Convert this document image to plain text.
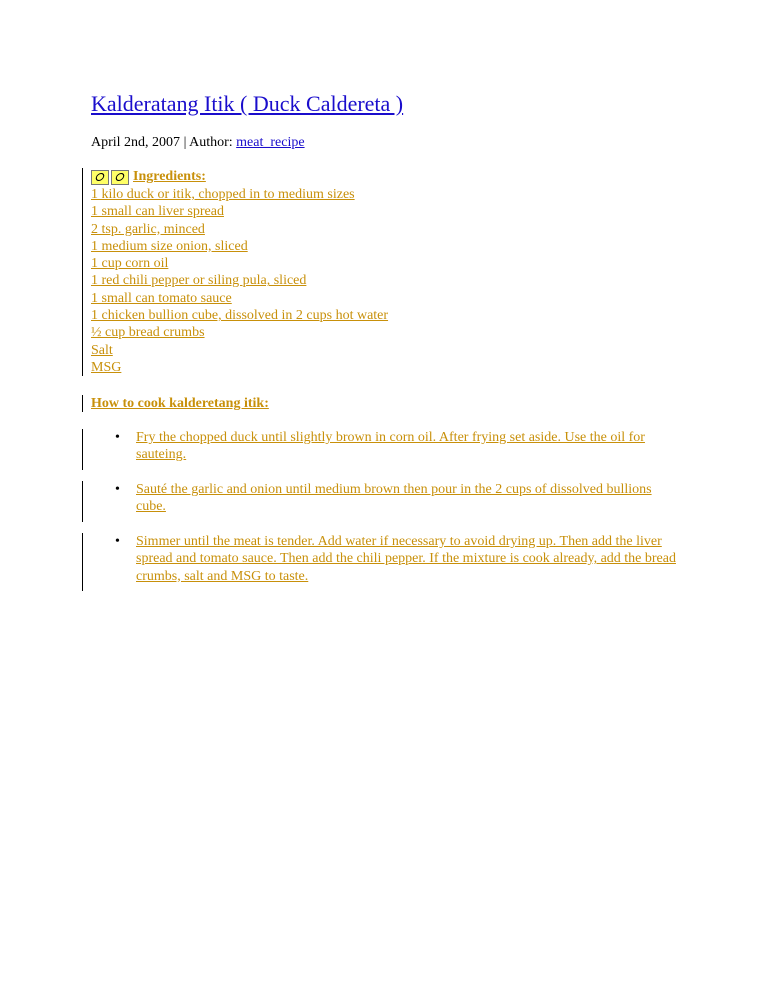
Kalderatang Itik ( Duck Caldereta )
April 2nd, 2007 | Author: meat_recipe
Ingredients:
1 kilo duck or itik, chopped in to medium sizes
1 small can liver spread
2 tsp. garlic, minced
1 medium size onion, sliced
1 cup corn oil
1 red chili pepper or siling pula, sliced
1 small can tomato sauce
1 chicken bullion cube, dissolved in 2 cups hot water
½ cup bread crumbs
Salt
MSG
How to cook kalderetang itik:
• Fry the chopped duck until slightly brown in corn oil. After frying set aside. Use the oil for sauteing.
• Sauté the garlic and onion until medium brown then pour in the 2 cups of dissolved bullions cube.
• Simmer until the meat is tender. Add water if necessary to avoid drying up. Then add the liver spread and tomato sauce. Then add the chili pepper. If the mixture is cook already, add the bread crumbs, salt and MSG to taste.
